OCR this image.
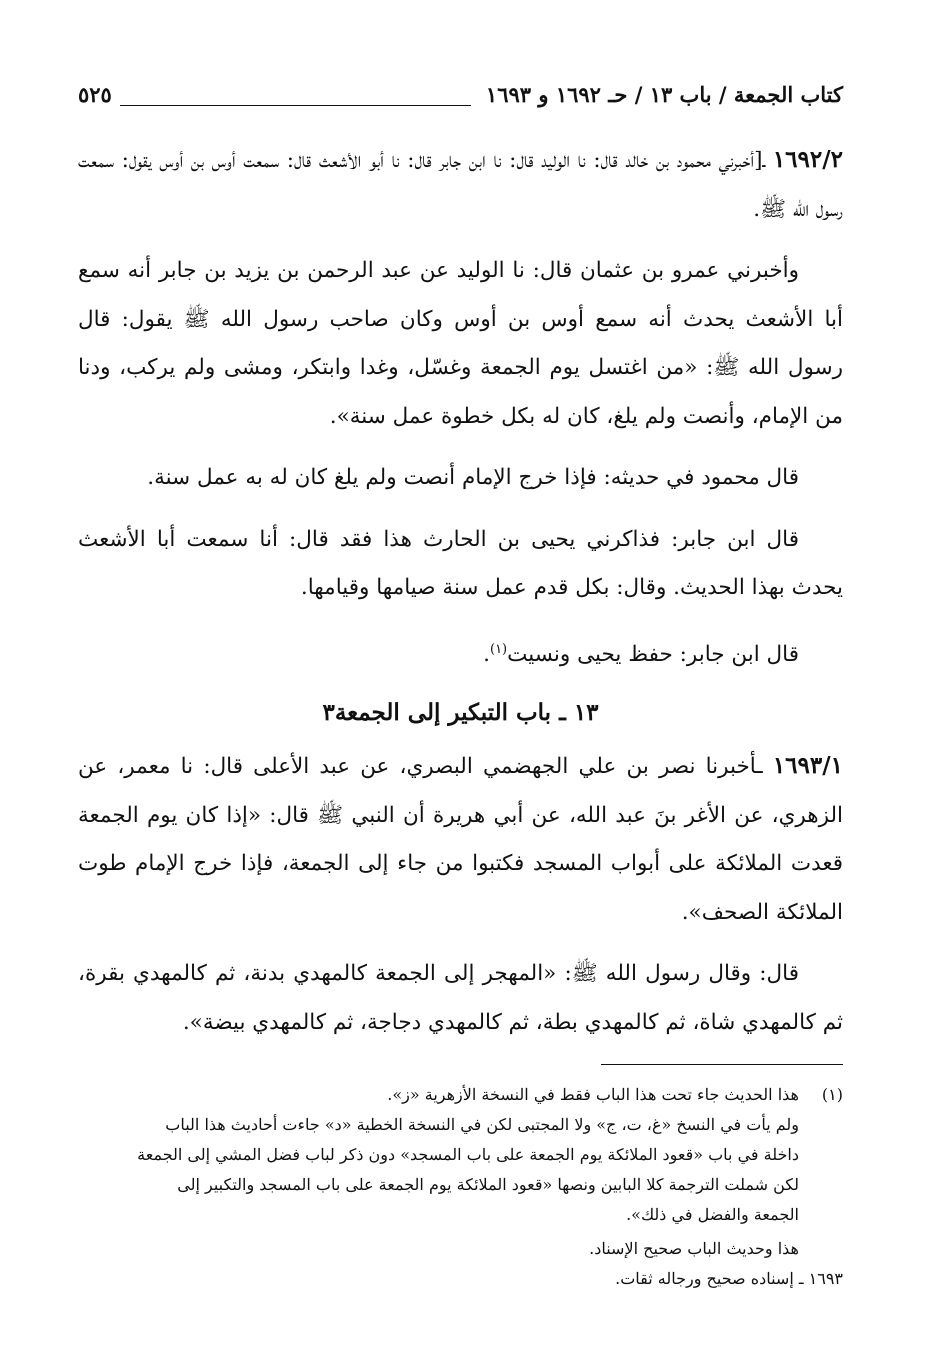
كتاب الجمعة / باب ١٣ / حـ ١٦٩٢ و ١٦٩٣
٥٢٥

١٦٩٢/٢ ـ[أخبرني محمود بن خالد قال: نا الوليد قال: نا ابن جابر قال: نا أبو الأشعث قال: سمعت أوس بن أوس يقول: سمعت رسول الله ﷺ.

وأخبرني عمرو بن عثمان قال: نا الوليد عن عبد الرحمن بن يزيد بن جابر أنه سمع أبا الأشعث يحدث أنه سمع أوس بن أوس وكان صاحب رسول الله ﷺ يقول: قال رسول الله ﷺ: «من اغتسل يوم الجمعة وغسّل، وغدا وابتكر، ومشى ولم يركب، ودنا من الإمام، وأنصت ولم يلغ، كان له بكل خطوة عمل سنة».

قال محمود في حديثه: فإذا خرج الإمام أنصت ولم يلغ كان له به عمل سنة.

قال ابن جابر: فذاكرني يحيى بن الحارث هذا فقد قال: أنا سمعت أبا الأشعث يحدث بهذا الحديث. وقال: بكل قدم عمل سنة صيامها وقيامها.

قال ابن جابر: حفظ يحيى ونسيت$^{(١)}$.

١٣ ـ باب التبكير إلى الجمعة٣

١٦٩٣/١ ـأخبرنا نصر بن علي الجهضمي البصري، عن عبد الأعلى قال: نا معمر، عن الزهري، عن الأغر بنَ عبد الله، عن أبي هريرة أن النبي ﷺ قال: «إذا كان يوم الجمعة قعدت الملائكة على أبواب المسجد فكتبوا من جاء إلى الجمعة، فإذا خرج الإمام طوت الملائكة الصحف».

قال: وقال رسول الله ﷺ: «المهجر إلى الجمعة كالمهدي بدنة، ثم كالمهدي بقرة، ثم كالمهدي شاة، ثم كالمهدي بطة، ثم كالمهدي دجاجة، ثم كالمهدي بيضة».

(١)

هذا الحديث جاء تحت هذا الباب فقط في النسخة الأزهرية «ز».

ولم يأت في النسخ «غ، ت، ج» ولا المجتبى لكن في النسخة الخطية «د» جاءت أحاديث هذا الباب

داخلة في باب «قعود الملائكة يوم الجمعة على باب المسجد» دون ذكر لباب فضل المشي إلى الجمعة

لكن شملت الترجمة كلا البابين ونصها «قعود الملائكة يوم الجمعة على باب المسجد والتكبير إلى

الجمعة والفضل في ذلك».

هذا وحديث الباب صحيح الإسناد.

١٦٩٣ ـ إسناده صحيح ورجاله ثقات.
